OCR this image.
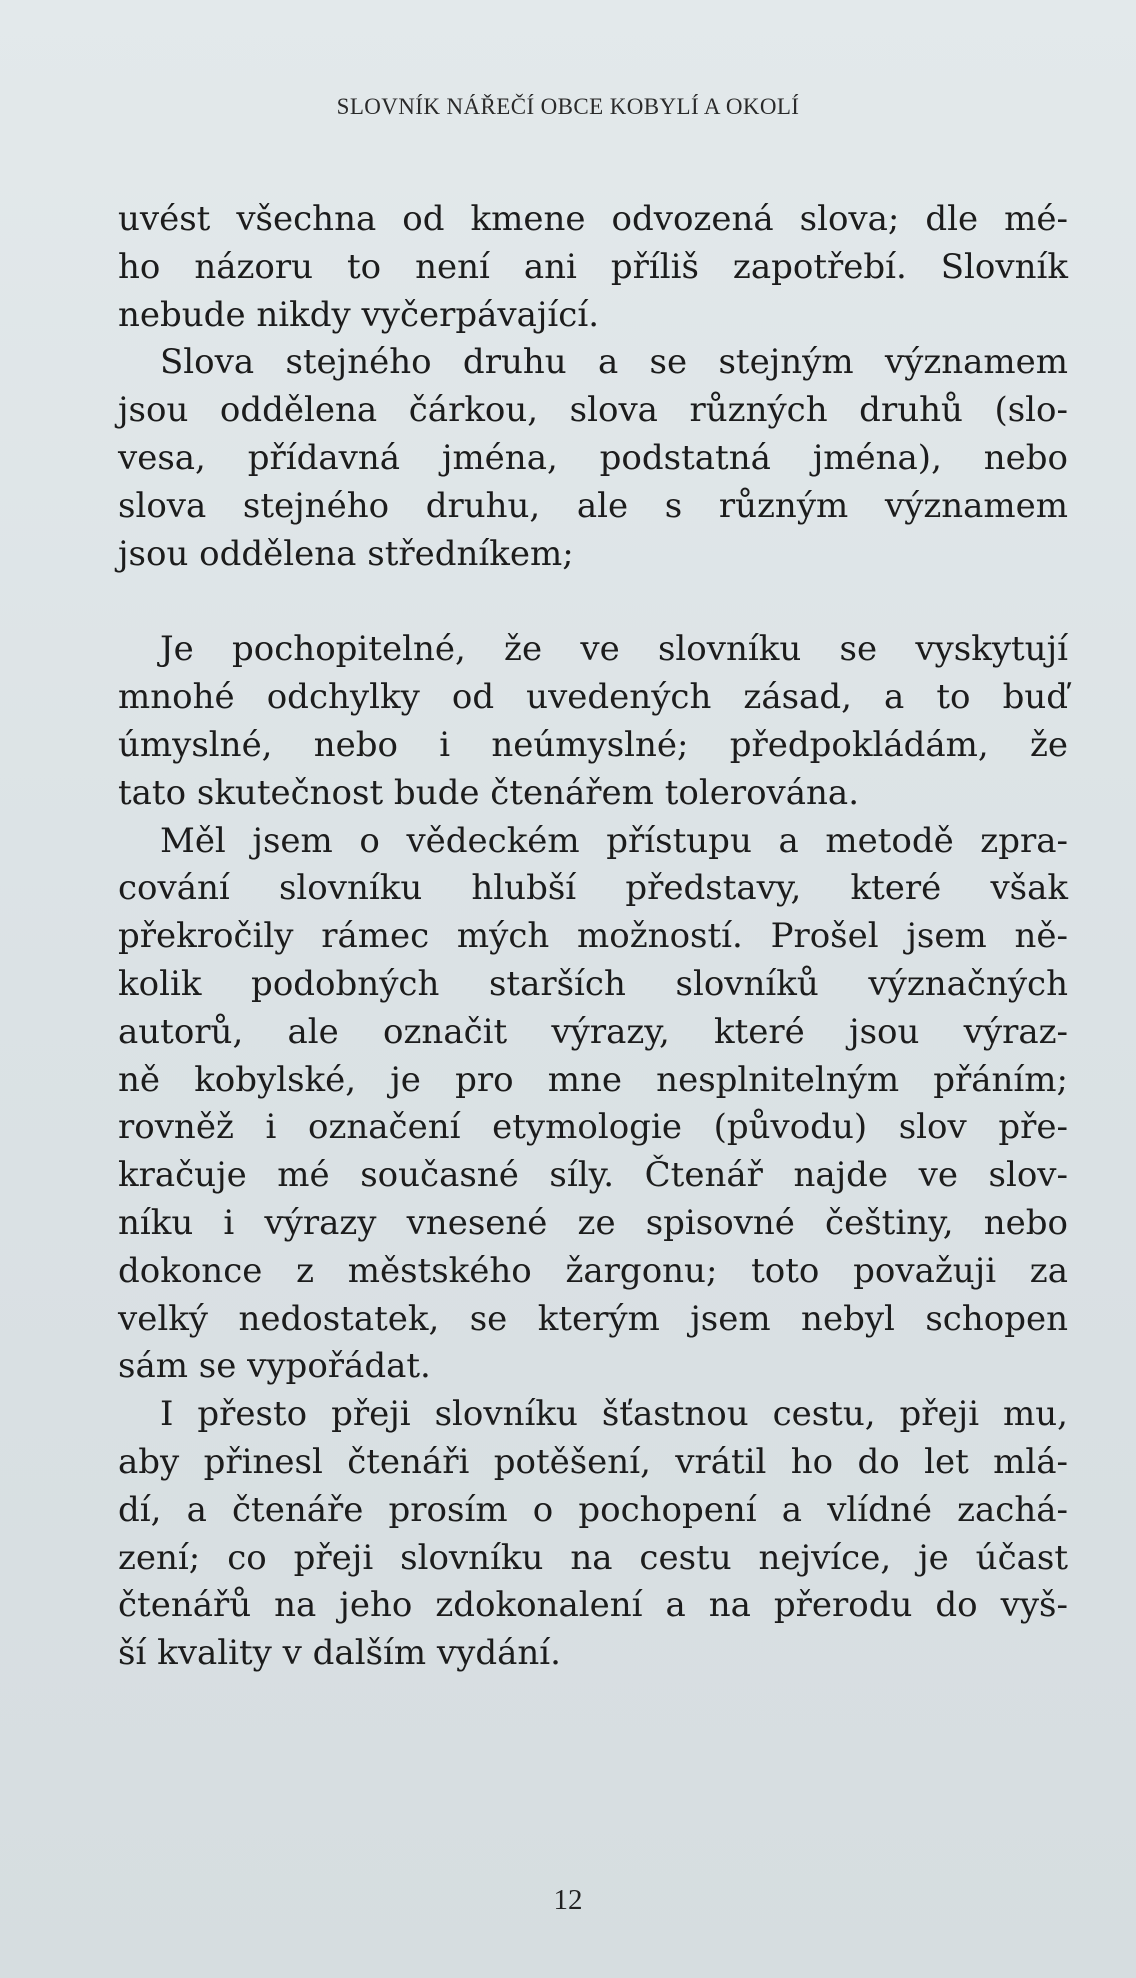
SLOVNÍK NÁŘEČÍ OBCE KOBYLÍ A OKOLÍ

uvést všechna od kmene odvozená slova; dle mé-
ho názoru to není ani příliš zapotřebí. Slovník
nebude nikdy vyčerpávající.

Slova stejného druhu a se stejným významem
jsou oddělena čárkou, slova různých druhů (slo-
vesa, přídavná jména, podstatná jména), nebo
slova stejného druhu, ale s různým významem
jsou oddělena středníkem;

Je pochopitelné, že ve slovníku se vyskytují
mnohé odchylky od uvedených zásad, a to buď
úmyslné, nebo i neúmyslné; předpokládám, že
tato skutečnost bude čtenářem tolerována.

Měl jsem o vědeckém přístupu a metodě zpra-
cování slovníku hlubší představy, které však
překročily rámec mých možností. Prošel jsem ně-
kolik podobných starších slovníků význačných
autorů, ale označit výrazy, které jsou výraz-
ně kobylské, je pro mne nesplnitelným přáním;
rovněž i označení etymologie (původu) slov pře-
kračuje mé současné síly. Čtenář najde ve slov-
níku i výrazy vnesené ze spisovné češtiny, nebo
dokonce z městského žargonu; toto považuji za
velký nedostatek, se kterým jsem nebyl schopen
sám se vypořádat.

I přesto přeji slovníku šťastnou cestu, přeji mu,
aby přinesl čtenáři potěšení, vrátil ho do let mlá-
dí, a čtenáře prosím o pochopení a vlídné zachá-
zení; co přeji slovníku na cestu nejvíce, je účast
čtenářů na jeho zdokonalení a na přerodu do vyš-
ší kvality v dalším vydání.

12
